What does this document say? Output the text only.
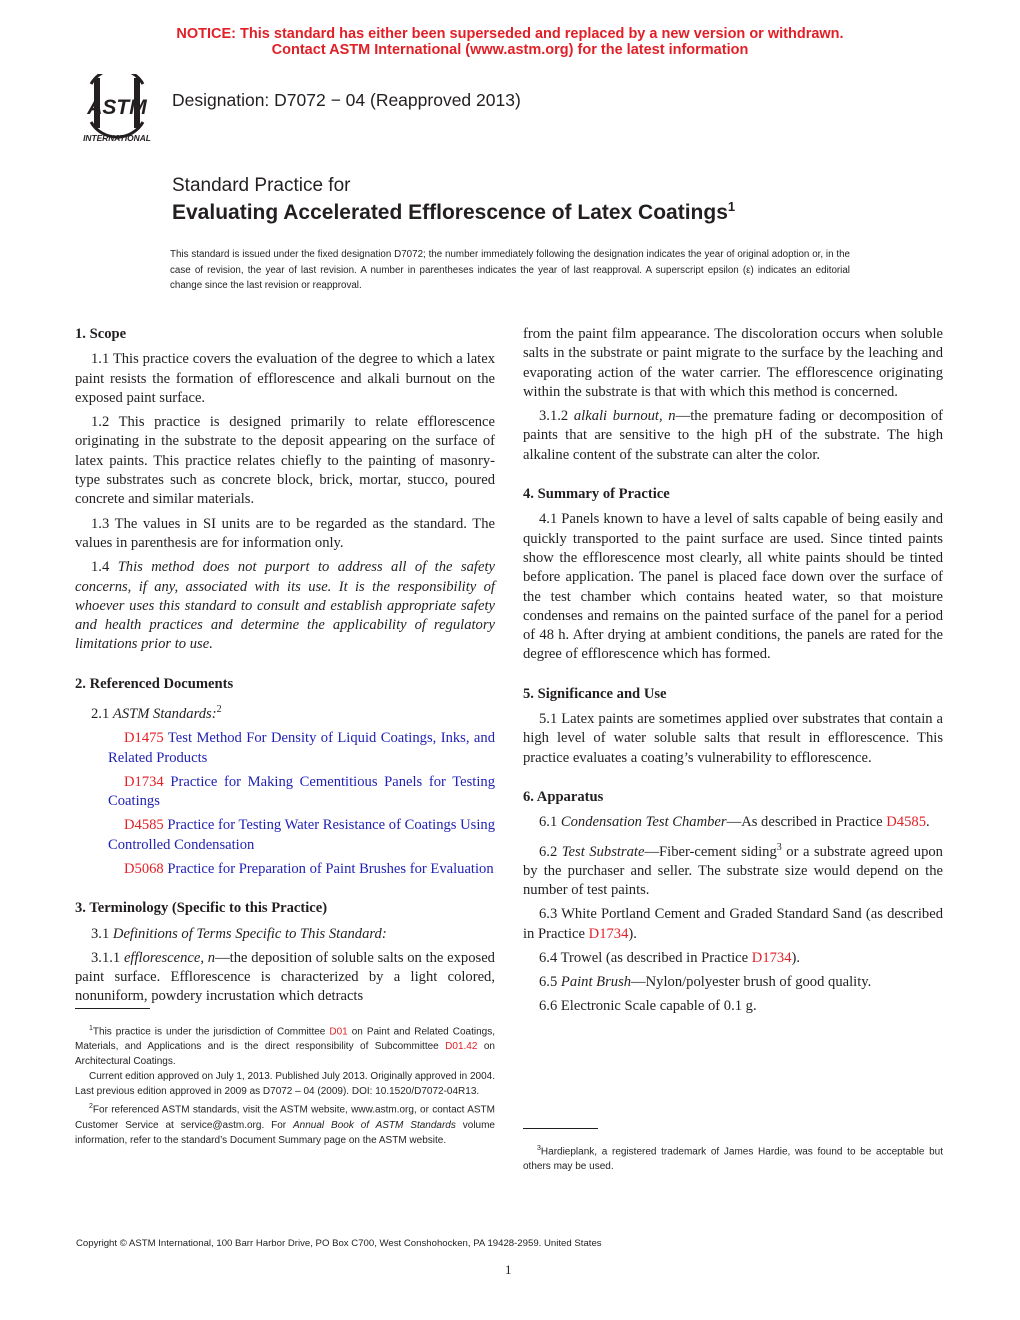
NOTICE: This standard has either been superseded and replaced by a new version or withdrawn.
Contact ASTM International (www.astm.org) for the latest information
ASTM
INTERNATIONAL
Designation: D7072 − 04 (Reapproved 2013)
Standard Practice for
Evaluating Accelerated Efflorescence of Latex Coatings$^1$
This standard is issued under the fixed designation D7072; the number immediately following the designation indicates the year of original adoption or, in the case of revision, the year of last revision. A number in parentheses indicates the year of last reapproval. A superscript epsilon (ε) indicates an editorial change since the last revision or reapproval.
1. Scope

1.1 This practice covers the evaluation of the degree to which a latex paint resists the formation of efflorescence and alkali burnout on the exposed paint surface.

1.2 This practice is designed primarily to relate efflorescence originating in the substrate to the deposit appearing on the surface of latex paints. This practice relates chiefly to the painting of masonry-type substrates such as concrete block, brick, mortar, stucco, poured concrete and similar materials.

1.3 The values in SI units are to be regarded as the standard. The values in parenthesis are for information only.

1.4 This method does not purport to address all of the safety concerns, if any, associated with its use. It is the responsibility of whoever uses this standard to consult and establish appropriate safety and health practices and determine the applicability of regulatory limitations prior to use.

2. Referenced Documents

2.1 ASTM Standards:$^2$

D1475 Test Method For Density of Liquid Coatings, Inks, and Related Products

D1734 Practice for Making Cementitious Panels for Testing Coatings

D4585 Practice for Testing Water Resistance of Coatings Using Controlled Condensation

D5068 Practice for Preparation of Paint Brushes for Evaluation

3. Terminology (Specific to this Practice)

3.1 Definitions of Terms Specific to This Standard:

3.1.1 efflorescence, n—the deposition of soluble salts on the exposed paint surface. Efflorescence is characterized by a light colored, nonuniform, powdery incrustation which detracts

$^1$This practice is under the jurisdiction of Committee D01 on Paint and Related Coatings, Materials, and Applications and is the direct responsibility of Subcommittee D01.42 on Architectural Coatings.

Current edition approved on July 1, 2013. Published July 2013. Originally approved in 2004. Last previous edition approved in 2009 as D7072 – 04 (2009). DOI: 10.1520/D7072-04R13.

$^2$For referenced ASTM standards, visit the ASTM website, www.astm.org, or contact ASTM Customer Service at service@astm.org. For Annual Book of ASTM Standards volume information, refer to the standard’s Document Summary page on the ASTM website.

from the paint film appearance. The discoloration occurs when soluble salts in the substrate or paint migrate to the surface by the leaching and evaporating action of the water carrier. The efflorescence originating within the substrate is that with which this method is concerned.

3.1.2 alkali burnout, n—the premature fading or decomposition of paints that are sensitive to the high pH of the substrate. The high alkaline content of the substrate can alter the color.

4. Summary of Practice

4.1 Panels known to have a level of salts capable of being easily and quickly transported to the paint surface are used. Since tinted paints show the efflorescence most clearly, all white paints should be tinted before application. The panel is placed face down over the surface of the test chamber which contains heated water, so that moisture condenses and remains on the painted surface of the panel for a period of 48 h. After drying at ambient conditions, the panels are rated for the degree of efflorescence which has formed.

5. Significance and Use

5.1 Latex paints are sometimes applied over substrates that contain a high level of water soluble salts that result in efflorescence. This practice evaluates a coating’s vulnerability to efflorescence.

6. Apparatus

6.1 Condensation Test Chamber—As described in Practice D4585.

6.2 Test Substrate—Fiber-cement siding$^3$ or a substrate agreed upon by the purchaser and seller. The substrate size would depend on the number of test paints.

6.3 White Portland Cement and Graded Standard Sand (as described in Practice D1734).

6.4 Trowel (as described in Practice D1734).

6.5 Paint Brush—Nylon/polyester brush of good quality.

6.6 Electronic Scale capable of 0.1 g.

$^3$Hardieplank, a registered trademark of James Hardie, was found to be acceptable but others may be used.

Copyright © ASTM International, 100 Barr Harbor Drive, PO Box C700, West Conshohocken, PA 19428-2959. United States
1
